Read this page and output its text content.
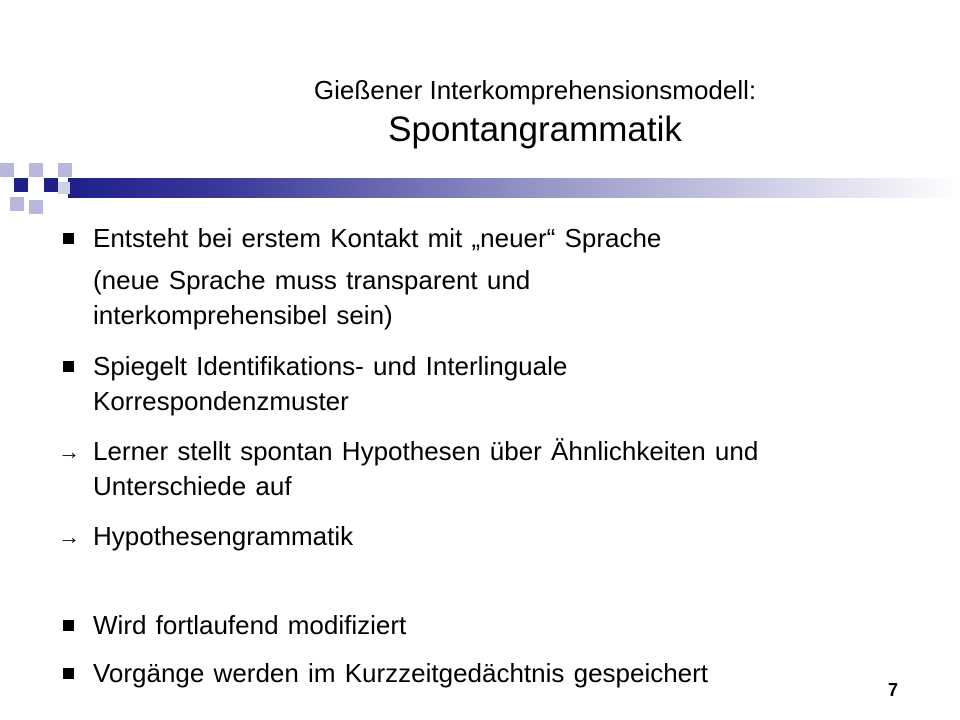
Gießener Interkomprehensionsmodell:
Spontangrammatik
Entsteht bei erstem Kontakt mit „neuer“ Sprache
(neue Sprache muss transparent und
interkomprehensibel sein)
Spiegelt Identifikations- und Interlinguale
Korrespondenzmuster
→ Lerner stellt spontan Hypothesen über Ähnlichkeiten und
Unterschiede auf
→ Hypothesengrammatik
Wird fortlaufend modifiziert
Vorgänge werden im Kurzzeitgedächtnis gespeichert
7
